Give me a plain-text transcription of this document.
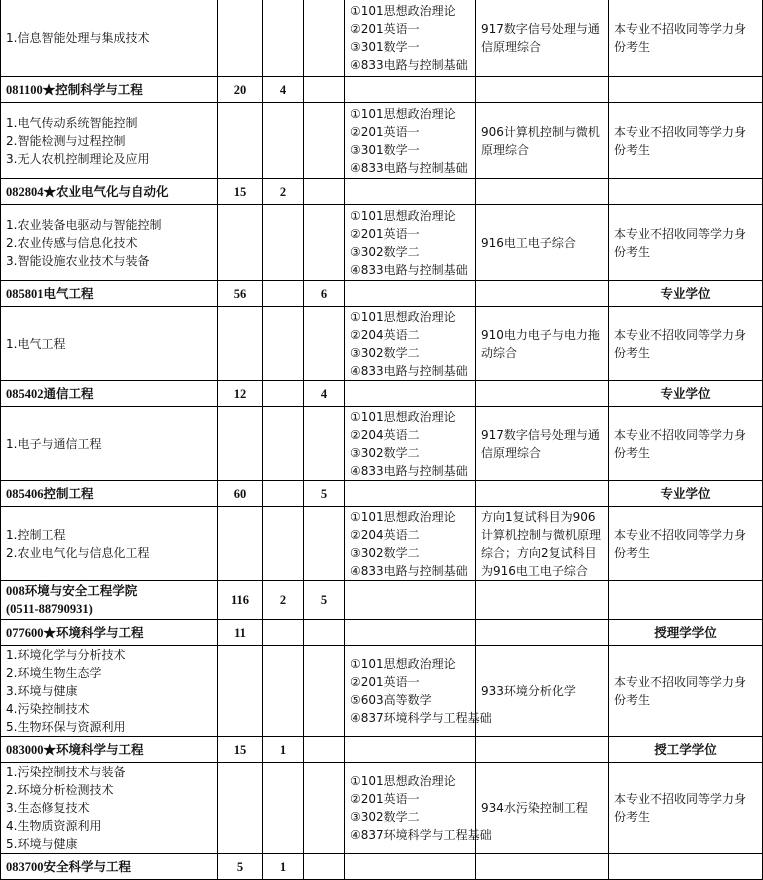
1.信息智能处理与集成技术				①101思想政治理论
②201英语一
③301数学一
④833电路与控制基础	917数字信号处理与通信原理综合	本专业不招收同等学力身份考生
081100★控制科学与工程	20	4				

1.电气传动系统智能控制
2.智能检测与过程控制
3.无人农机控制理论及应用				①101思想政治理论
②201英语一
③301数学一
④833电路与控制基础	906计算机控制与微机原理综合	本专业不招收同等学力身份考生
082804★农业电气化与自动化	15	2				

1.农业装备电驱动与智能控制
2.农业传感与信息化技术
3.智能设施农业技术与装备				①101思想政治理论
②201英语一
③302数学二
④833电路与控制基础	916电工电子综合	本专业不招收同等学力身份考生
085801电气工程	56		6			专业学位

1.电气工程				①101思想政治理论
②204英语二
③302数学二
④833电路与控制基础	910电力电子与电力拖动综合	本专业不招收同等学力身份考生
085402通信工程	12		4			专业学位

1.电子与通信工程				①101思想政治理论
②204英语二
③302数学二
④833电路与控制基础	917数字信号处理与通信原理综合	本专业不招收同等学力身份考生
085406控制工程	60		5			专业学位

1.控制工程
2.农业电气化与信息化工程				①101思想政治理论
②204英语二
③302数学二
④833电路与控制基础	方向1复试科目为906计算机控制与微机原理综合；方向2复试科目为916电工电子综合	本专业不招收同等学力身份考生

008环境与安全工程学院
(0511-88790931)	116	2	5			
077600★环境科学与工程	11					授理学学位

1.环境化学与分析技术
2.环境生物生态学
3.环境与健康
4.污染控制技术
5.生物环保与资源利用				①101思想政治理论
②201英语一
⑤603高等数学
④837环境科学与工程基础	933环境分析化学	本专业不招收同等学力身份考生
083000★环境科学与工程	15	1				授工学学位

1.污染控制技术与装备
2.环境分析检测技术
3.生态修复技术
4.生物质资源利用
5.环境与健康				①101思想政治理论
②201英语一
③302数学二
④837环境科学与工程基础	934水污染控制工程	本专业不招收同等学力身份考生
083700安全科学与工程	5	1				
